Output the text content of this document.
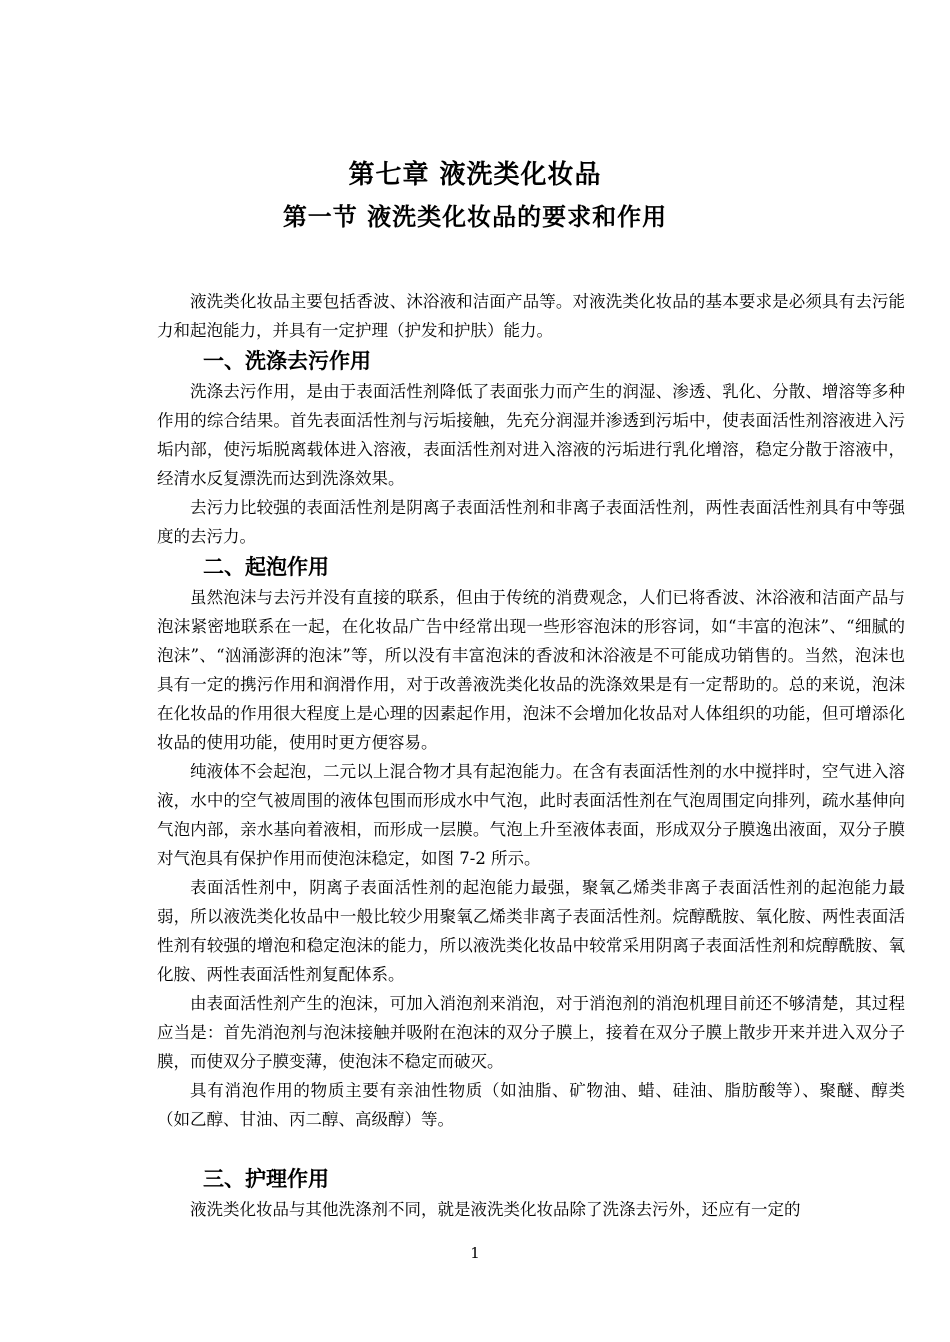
第七章 液洗类化妆品
第一节 液洗类化妆品的要求和作用

液洗类化妆品主要包括香波、沐浴液和洁面产品等。对液洗类化妆品的基本要求是必须具有去污能力和起泡能力，并具有一定护理（护发和护肤）能力。

一、洗涤去污作用

洗涤去污作用，是由于表面活性剂降低了表面张力而产生的润湿、渗透、乳化、分散、增溶等多种作用的综合结果。首先表面活性剂与污垢接触，先充分润湿并渗透到污垢中，使表面活性剂溶液进入污垢内部，使污垢脱离载体进入溶液，表面活性剂对进入溶液的污垢进行乳化增溶，稳定分散于溶液中，经清水反复漂洗而达到洗涤效果。

去污力比较强的表面活性剂是阴离子表面活性剂和非离子表面活性剂，两性表面活性剂具有中等强度的去污力。

二、起泡作用

虽然泡沫与去污并没有直接的联系，但由于传统的消费观念，人们已将香波、沐浴液和洁面产品与泡沫紧密地联系在一起，在化妆品广告中经常出现一些形容泡沫的形容词，如“丰富的泡沫”、“细腻的泡沫”、“汹涌澎湃的泡沫”等，所以没有丰富泡沫的香波和沐浴液是不可能成功销售的。当然，泡沫也具有一定的携污作用和润滑作用，对于改善液洗类化妆品的洗涤效果是有一定帮助的。总的来说，泡沫在化妆品的作用很大程度上是心理的因素起作用，泡沫不会增加化妆品对人体组织的功能，但可增添化妆品的使用功能，使用时更方便容易。

纯液体不会起泡，二元以上混合物才具有起泡能力。在含有表面活性剂的水中搅拌时，空气进入溶液，水中的空气被周围的液体包围而形成水中气泡，此时表面活性剂在气泡周围定向排列，疏水基伸向气泡内部，亲水基向着液相，而形成一层膜。气泡上升至液体表面，形成双分子膜逸出液面，双分子膜对气泡具有保护作用而使泡沫稳定，如图 7-2 所示。

表面活性剂中，阴离子表面活性剂的起泡能力最强，聚氧乙烯类非离子表面活性剂的起泡能力最弱，所以液洗类化妆品中一般比较少用聚氧乙烯类非离子表面活性剂。烷醇酰胺、氧化胺、两性表面活性剂有较强的增泡和稳定泡沫的能力，所以液洗类化妆品中较常采用阴离子表面活性剂和烷醇酰胺、氧化胺、两性表面活性剂复配体系。

由表面活性剂产生的泡沫，可加入消泡剂来消泡，对于消泡剂的消泡机理目前还不够清楚，其过程应当是：首先消泡剂与泡沫接触并吸附在泡沫的双分子膜上，接着在双分子膜上散步开来并进入双分子膜，而使双分子膜变薄，使泡沫不稳定而破灭。

具有消泡作用的物质主要有亲油性物质（如油脂、矿物油、蜡、硅油、脂肪酸等）、聚醚、醇类（如乙醇、甘油、丙二醇、高级醇）等。

三、护理作用

液洗类化妆品与其他洗涤剂不同，就是液洗类化妆品除了洗涤去污外，还应有一定的

1
